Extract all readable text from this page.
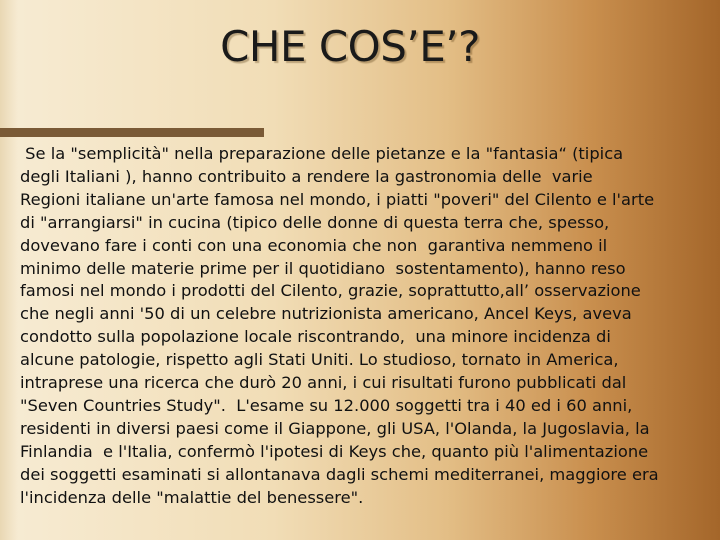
CHE COS’E’?

Se la "semplicità" nella preparazione delle pietanze e la "fantasia“ (tipica
degli Italiani ), hanno contribuito a rendere la gastronomia delle  varie
Regioni italiane un'arte famosa nel mondo, i piatti "poveri" del Cilento e l'arte
di "arrangiarsi" in cucina (tipico delle donne di questa terra che, spesso,
dovevano fare i conti con una economia che non  garantiva nemmeno il
minimo delle materie prime per il quotidiano  sostentamento), hanno reso
famosi nel mondo i prodotti del Cilento, grazie, soprattutto,all’ osservazione
che negli anni '50 di un celebre nutrizionista americano, Ancel Keys, aveva
condotto sulla popolazione locale riscontrando,  una minore incidenza di
alcune patologie, rispetto agli Stati Uniti. Lo studioso, tornato in America,
intraprese una ricerca che durò 20 anni, i cui risultati furono pubblicati dal
"Seven Countries Study".  L'esame su 12.000 soggetti tra i 40 ed i 60 anni,
residenti in diversi paesi come il Giappone, gli USA, l'Olanda, la Jugoslavia, la
Finlandia  e l'Italia, confermò l'ipotesi di Keys che, quanto più l'alimentazione
dei soggetti esaminati si allontanava dagli schemi mediterranei, maggiore era
l'incidenza delle "malattie del benessere".
